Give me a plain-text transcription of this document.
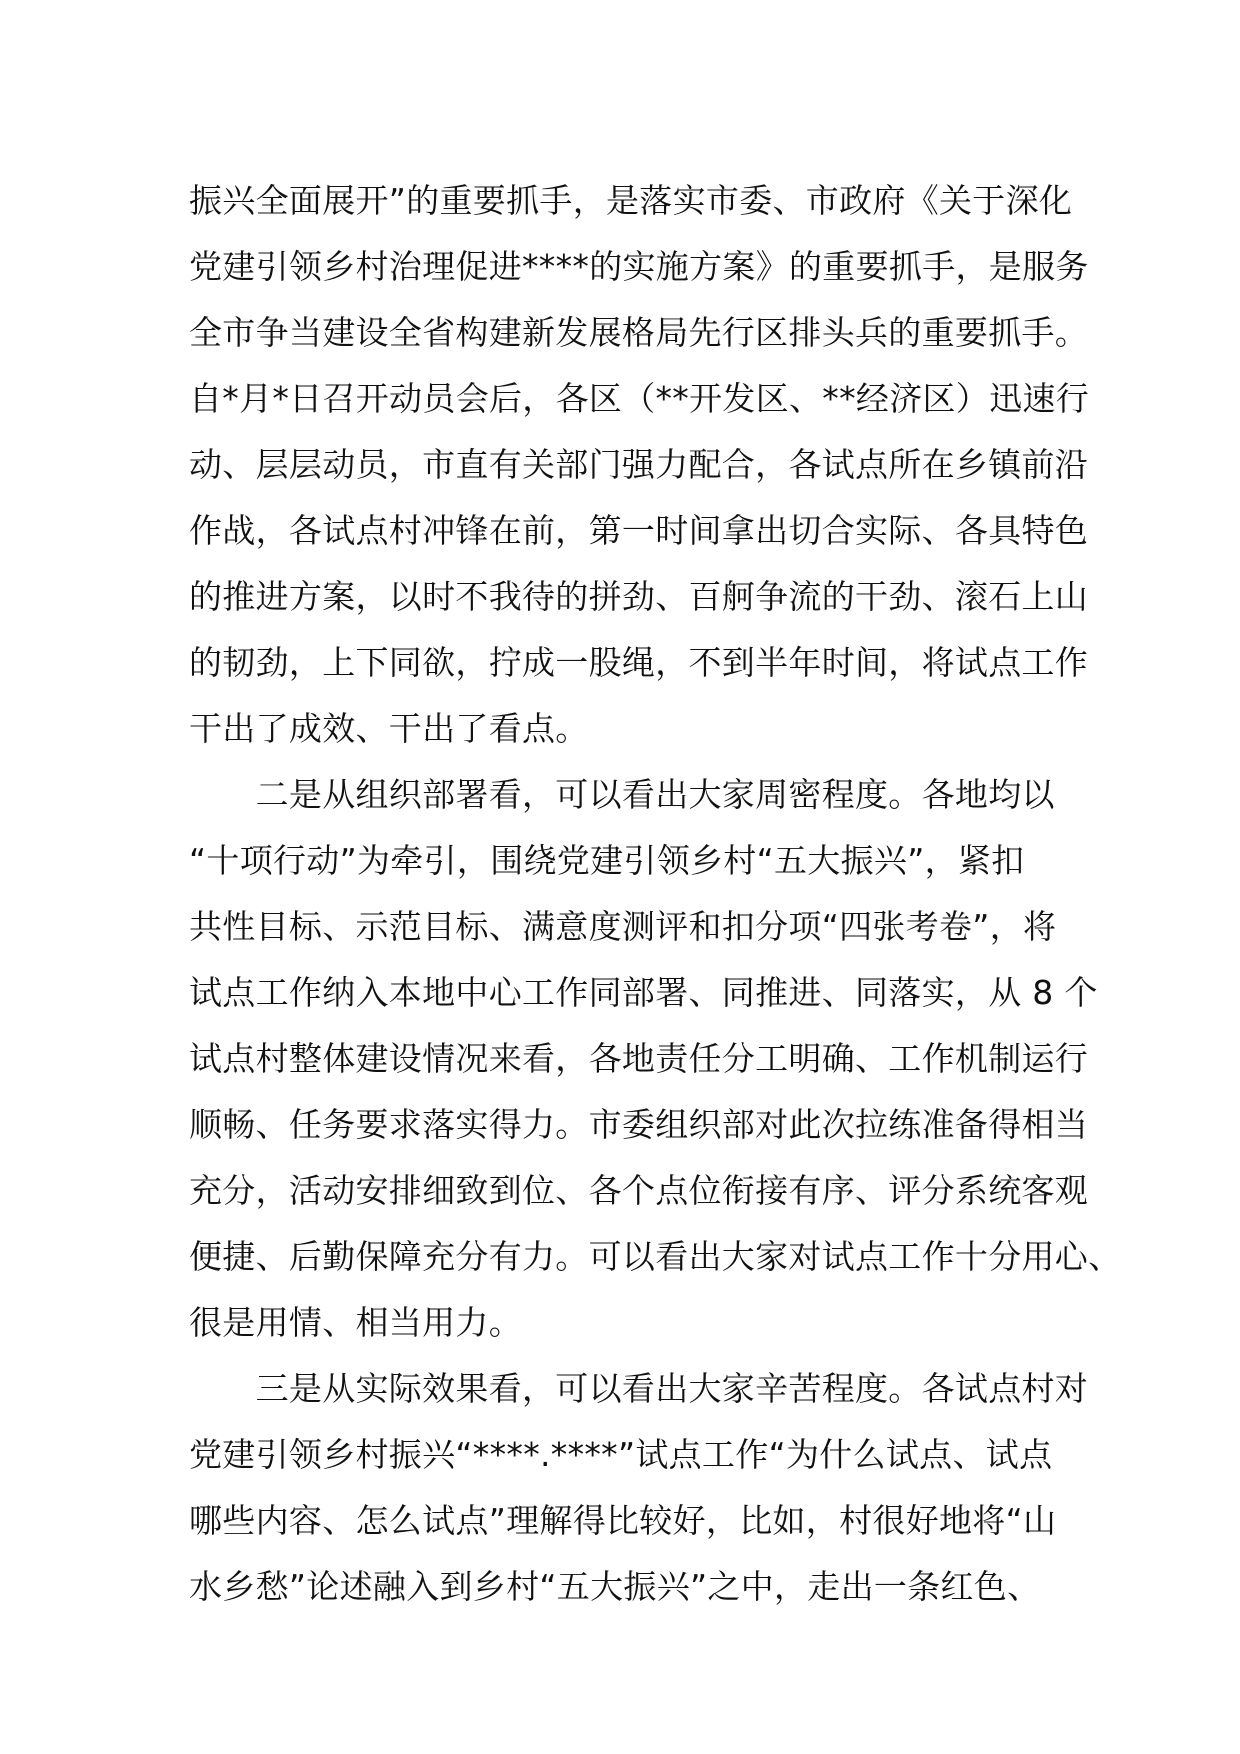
振兴全面展开”的重要抓手，是落实市委、市政府《关于深化
党建引领乡村治理促进****的实施方案》的重要抓手，是服务
全市争当建设全省构建新发展格局先行区排头兵的重要抓手。
自*月*日召开动员会后，各区（**开发区、**经济区）迅速行
动、层层动员，市直有关部门强力配合，各试点所在乡镇前沿
作战，各试点村冲锋在前，第一时间拿出切合实际、各具特色
的推进方案，以时不我待的拼劲、百舸争流的干劲、滚石上山
的韧劲，上下同欲，拧成一股绳，不到半年时间，将试点工作
干出了成效、干出了看点。
　　二是从组织部署看，可以看出大家周密程度。各地均以
“十项行动”为牵引，围绕党建引领乡村“五大振兴”，紧扣
共性目标、示范目标、满意度测评和扣分项“四张考卷”，将
试点工作纳入本地中心工作同部署、同推进、同落实，从 8 个
试点村整体建设情况来看，各地责任分工明确、工作机制运行
顺畅、任务要求落实得力。市委组织部对此次拉练准备得相当
充分，活动安排细致到位、各个点位衔接有序、评分系统客观
便捷、后勤保障充分有力。可以看出大家对试点工作十分用心、
很是用情、相当用力。
　　三是从实际效果看，可以看出大家辛苦程度。各试点村对
党建引领乡村振兴“****.****”试点工作“为什么试点、试点
哪些内容、怎么试点”理解得比较好，比如，村很好地将“山
水乡愁”论述融入到乡村“五大振兴”之中，走出一条红色、
